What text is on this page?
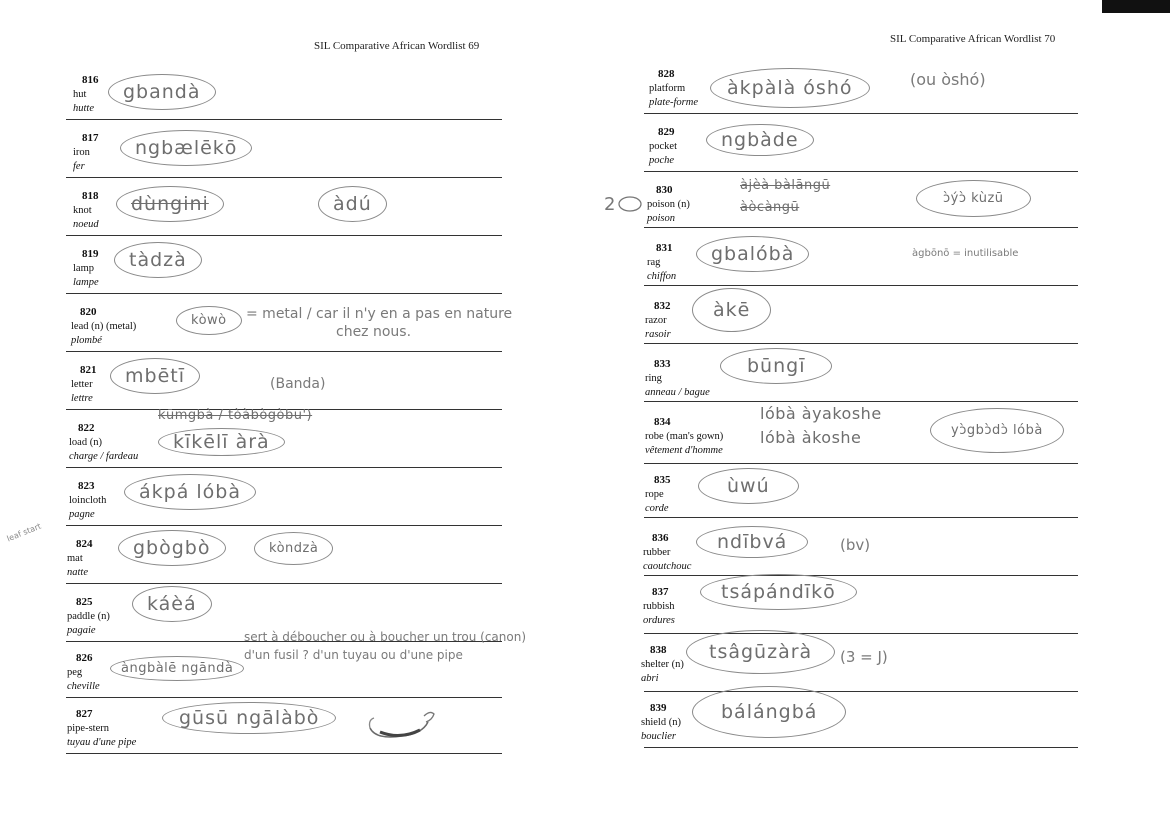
SIL Comparative African Wordlist 69
SIL Comparative African Wordlist 70
816
hut
hutte
gbandà
817
iron
fer
ngbælēkō
818
knot
noeud
dùngini	àdú
819
lamp
lampe
tàdzà
820
lead (n) (metal)
plombé
kòwò	= metal / car il n'y en a pas en nature
chez nous.
821
letter
lettre
mbētī	(Banda)
822
load (n)
charge / fardeau
kūmgbà / tòàbògòbu')
kīkēlī àrà
823
loincloth
pagne
ákpá lóbà
824
mat
natte
gbògbò	kòndzà
825
paddle (n)
pagaie
káèá
826
peg
cheville
àngbàlē ngāndà
sert à déboucher ou à boucher un trou (canon)
d'un fusil ? d'un tuyau ou d'une pipe
827
pipe-stern
tuyau d'une pipe
gūsū ngālàbò
leaf start
828
platform
plate-forme
àkpàlà óshó	(ou òshó)
829
pocket
poche
ngbàde
830
poison (n)
poison
àjèà bàlāngū
àòcàngū
ɔ̀ýɔ̀ kùzū
831
rag
chiffon
gbalóbà	àgbōnō = inutilisable
832
razor
rasoir
àkē
833
ring
anneau / bague
būngī
834
robe (man's gown)
vêtement d'homme
lóbà àyakoshe
lóbà àkoshe	yɔ̀gbɔ̀dɔ̀ lóbà
835
rope
corde
ùwú
836
rubber
caoutchouc
ndībvá	(bv)
837
rubbish
ordures
tsápándīkō
838
shelter (n)
abri
tsâgūzàrà	(3 = J)
839
shield (n)
bouclier
bálángbá
2
